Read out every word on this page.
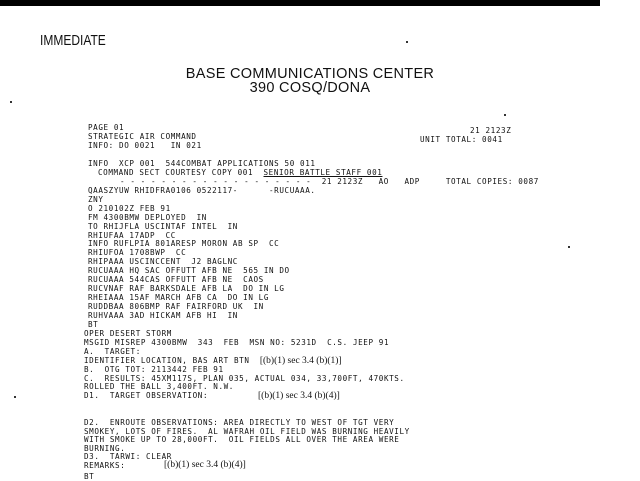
IMMEDIATE
BASE COMMUNICATIONS CENTER
390 COSQ/DONA
PAGE 01	21 2123Z
STRATEGIC AIR COMMAND	UNIT TOTAL: 0041
INFO: DO 0021   IN 021
INFO  XCP 001  544COMBAT APPLICATIONS 50 011
COMMAND SECT COURTESY COPY 001  SENIOR BATTLE STAFF 001
- - - - - - - - - - - - - - - - - - -  21 2123Z   AO   ADP     TOTAL COPIES: 0087
QAASZYUW RHIDFRA0106 0522117-      -RUCUAAA.
ZNY
O 210102Z FEB 91
FM 4300BMW DEPLOYED  IN
TO RHIJFLA USCINTAF INTEL  IN
RHIUFAA 17ADP  CC
INFO RUFLPIA 801ARESP MORON AB SP  CC
RHIUFOA 1708BWP  CC
RHIPAAA USCINCCENT  J2 BAGLNC
RUCUAAA HQ SAC OFFUTT AFB NE  565 IN DO
RUCUAAA 544CAS OFFUTT AFB NE  CAOS
RUCVNAF RAF BARKSDALE AFB LA  DO IN LG
RHEIAAA 15AF MARCH AFB CA  DO IN LG
RUDDBAA 806BMP RAF FAIRFORD UK  IN
RUHVAAA 3AD HICKAM AFB HI  IN
BT
OPER DESERT STORM
MSGID MISREP 4300BMW  343  FEB  MSN NO: 5231D  C.S. JEEP 91
A.  TARGET:
IDENTIFIER LOCATION, BAS ART BTN  [(b)(1) sec 3.4 (b)(1)]
B.  OTG TOT: 2113442 FEB 91
C.  RESULTS: 45XM117S, PLAN 035, ACTUAL 034, 33,700FT, 470KTS.
ROLLED THE BALL 3,400FT. N.W.
D1.  TARGET OBSERVATION:	[(b)(1) sec 3.4 (b)(4)]
D2.  ENROUTE OBSERVATIONS: AREA DIRECTLY TO WEST OF TGT VERY
SMOKEY, LOTS OF FIRES.  AL WAFRAH OIL FIELD WAS BURNING HEAVILY
WITH SMOKE UP TO 28,000FT.  OIL FIELDS ALL OVER THE AREA WERE
BURNING.
D3.  TARWI: CLEAR
REMARKS:	[(b)(1) sec 3.4 (b)(4)]
BT
